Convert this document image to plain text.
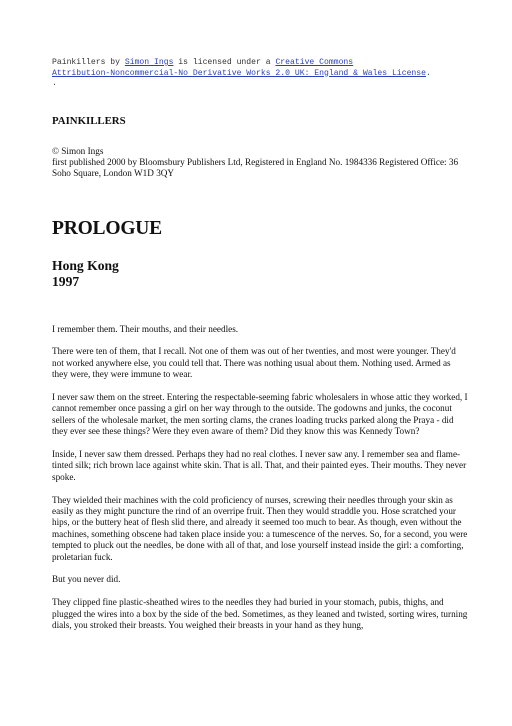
Painkillers by Simon Ings is licensed under a Creative Commons
Attribution-Noncommercial-No Derivative Works 2.0 UK: England & Wales License.
.

PAINKILLERS

© Simon Ings

first published 2000 by Bloomsbury Publishers Ltd, Registered in England No. 1984336 Registered Office: 36 Soho Square, London W1D 3QY

PROLOGUE
Hong Kong
1997

I remember them. Their mouths, and their needles.

There were ten of them, that I recall. Not one of them was out of her twenties, and most were younger. They'd not worked anywhere else, you could tell that. There was nothing usual about them. Nothing used. Armed as they were, they were immune to wear.

I never saw them on the street. Entering the respectable-seeming fabric wholesalers in whose attic they worked, I cannot remember once passing a girl on her way through to the outside. The godowns and junks, the coconut sellers of the wholesale market, the men sorting clams, the cranes loading trucks parked along the Praya - did they ever see these things? Were they even aware of them? Did they know this was Kennedy Town?

Inside, I never saw them dressed. Perhaps they had no real clothes. I never saw any. I remember sea and flame-tinted silk; rich brown lace against white skin. That is all. That, and their painted eyes. Their mouths. They never spoke.

They wielded their machines with the cold proficiency of nurses, screwing their needles through your skin as easily as they might puncture the rind of an overripe fruit. Then they would straddle you. Hose scratched your hips, or the buttery heat of flesh slid there, and already it seemed too much to bear. As though, even without the machines, something obscene had taken place inside you: a tumescence of the nerves. So, for a second, you were tempted to pluck out the needles, be done with all of that, and lose yourself instead inside the girl: a comforting, proletarian fuck.

But you never did.

They clipped fine plastic-sheathed wires to the needles they had buried in your stomach, pubis, thighs, and plugged the wires into a box by the side of the bed. Sometimes, as they leaned and twisted, sorting wires, turning dials, you stroked their breasts. You weighed their breasts in your hand as they hung,
